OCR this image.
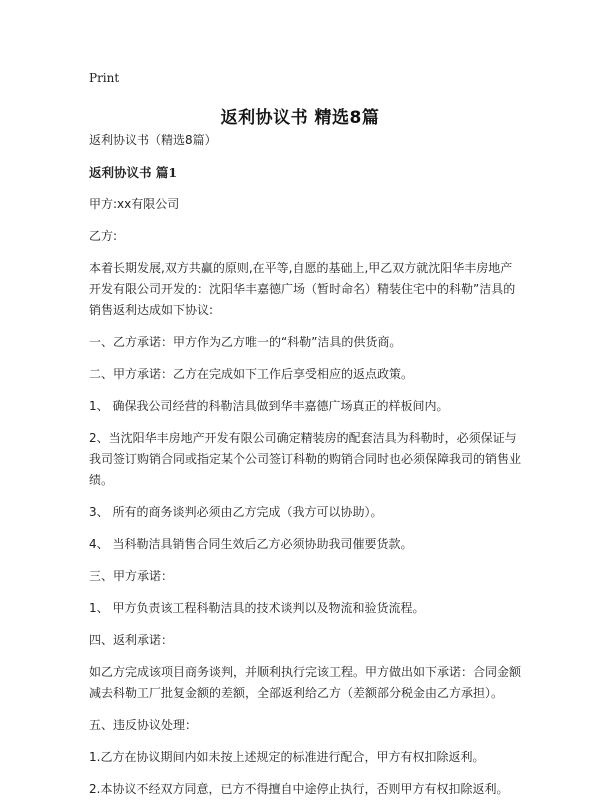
Print
返利协议书 精选8篇
返利协议书（精选8篇）
返利协议书 篇1
甲方:xx有限公司
乙方:
本着长期发展,双方共赢的原则,在平等,自愿的基础上,甲乙双方就沈阳华丰房地产开发有限公司开发的：沈阳华丰嘉德广场（暂时命名）精装住宅中的科勒”洁具的销售返利达成如下协议:
一、乙方承诺：甲方作为乙方唯一的“科勒”洁具的供货商。
二、甲方承诺：乙方在完成如下工作后享受相应的返点政策。
1、 确保我公司经营的科勒洁具做到华丰嘉德广场真正的样板间内。
2、当沈阳华丰房地产开发有限公司确定精装房的配套洁具为科勒时，必须保证与我司签订购销合同或指定某个公司签订科勒的购销合同时也必须保障我司的销售业绩。
3、 所有的商务谈判必须由乙方完成（我方可以协助）。
4、 当科勒洁具销售合同生效后乙方必须协助我司催要货款。
三、甲方承诺：
1、 甲方负责该工程科勒洁具的技术谈判以及物流和验货流程。
四、返利承诺：
如乙方完成该项目商务谈判，并顺利执行完该工程。甲方做出如下承诺：合同金额减去科勒工厂批复金额的差额，全部返利给乙方（差额部分税金由乙方承担）。
五、违反协议处理：
1.乙方在协议期间内如未按上述规定的标准进行配合，甲方有权扣除返利。
2.本协议不经双方同意，已方不得擅自中途停止执行，否则甲方有权扣除返利。
